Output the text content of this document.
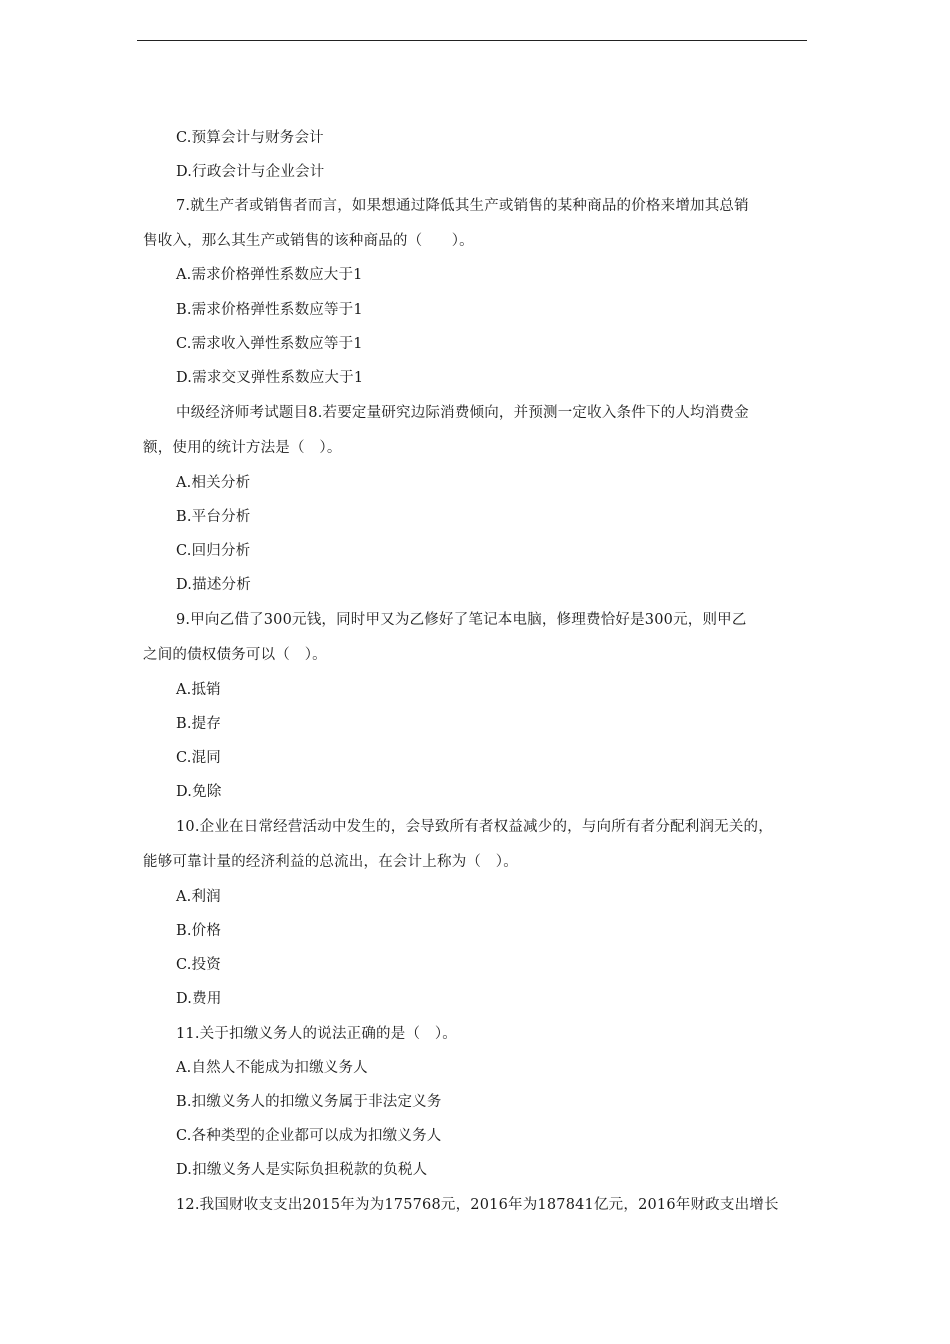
C.预算会计与财务会计
D.行政会计与企业会计
7.就生产者或销售者而言，如果想通过降低其生产或销售的某种商品的价格来增加其总销
售收入，那么其生产或销售的该种商品的（　　）。
A.需求价格弹性系数应大于1
B.需求价格弹性系数应等于1
C.需求收入弹性系数应等于1
D.需求交叉弹性系数应大于1
中级经济师考试题目8.若要定量研究边际消费倾向，并预测一定收入条件下的人均消费金
额，使用的统计方法是（　）。
A.相关分析
B.平台分析
C.回归分析
D.描述分析
9.甲向乙借了300元钱，同时甲又为乙修好了笔记本电脑，修理费恰好是300元，则甲乙
之间的债权债务可以（　）。
A.抵销
B.提存
C.混同
D.免除
10.企业在日常经营活动中发生的，会导致所有者权益减少的，与向所有者分配利润无关的，
能够可靠计量的经济利益的总流出，在会计上称为（　）。
A.利润
B.价格
C.投资
D.费用
11.关于扣缴义务人的说法正确的是（　）。
A.自然人不能成为扣缴义务人
B.扣缴义务人的扣缴义务属于非法定义务
C.各种类型的企业都可以成为扣缴义务人
D.扣缴义务人是实际负担税款的负税人
12.我国财收支支出2015年为为175768元，2016年为187841亿元，2016年财政支出增长
